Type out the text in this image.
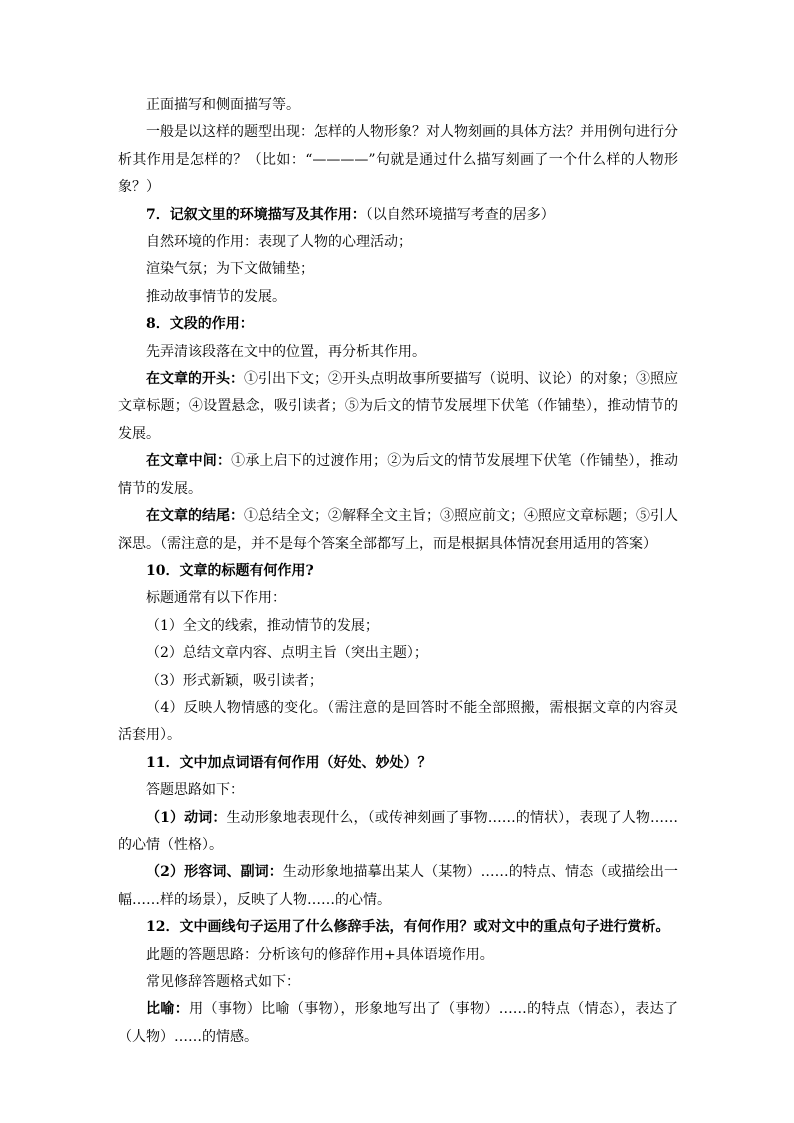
正面描写和侧面描写等。

一般是以这样的题型出现：怎样的人物形象？对人物刻画的具体方法？并用例句进行分析其作用是怎样的？（比如：“————”句就是通过什么描写刻画了一个什么样的人物形象？）

7．记叙文里的环境描写及其作用：（以自然环境描写考查的居多）

自然环境的作用：表现了人物的心理活动；

渲染气氛；为下文做铺垫；

推动故事情节的发展。

8．文段的作用：

先弄清该段落在文中的位置，再分析其作用。

在文章的开头：①引出下文；②开头点明故事所要描写（说明、议论）的对象；③照应文章标题；④设置悬念，吸引读者；⑤为后文的情节发展埋下伏笔（作铺垫），推动情节的发展。

在文章中间：①承上启下的过渡作用；②为后文的情节发展埋下伏笔（作铺垫），推动情节的发展。

在文章的结尾：①总结全文；②解释全文主旨；③照应前文；④照应文章标题；⑤引人深思。（需注意的是，并不是每个答案全部都写上，而是根据具体情况套用适用的答案）

10．文章的标题有何作用?

标题通常有以下作用：

（1）全文的线索，推动情节的发展；

（2）总结文章内容、点明主旨（突出主题）；

（3）形式新颖，吸引读者；

（4）反映人物情感的变化。（需注意的是回答时不能全部照搬，需根据文章的内容灵活套用）。

11．文中加点词语有何作用（好处、妙处）？

答题思路如下：

（1）动词：生动形象地表现什么，（或传神刻画了事物……的情状），表现了人物……的心情（性格）。

（2）形容词、副词：生动形象地描摹出某人（某物）……的特点、情态（或描绘出一幅……样的场景），反映了人物……的心情。

12．文中画线句子运用了什么修辞手法，有何作用？或对文中的重点句子进行赏析。

此题的答题思路：分析该句的修辞作用+具体语境作用。

常见修辞答题格式如下：

比喻：用（事物）比喻（事物），形象地写出了（事物）……的特点（情态），表达了（人物）……的情感。
